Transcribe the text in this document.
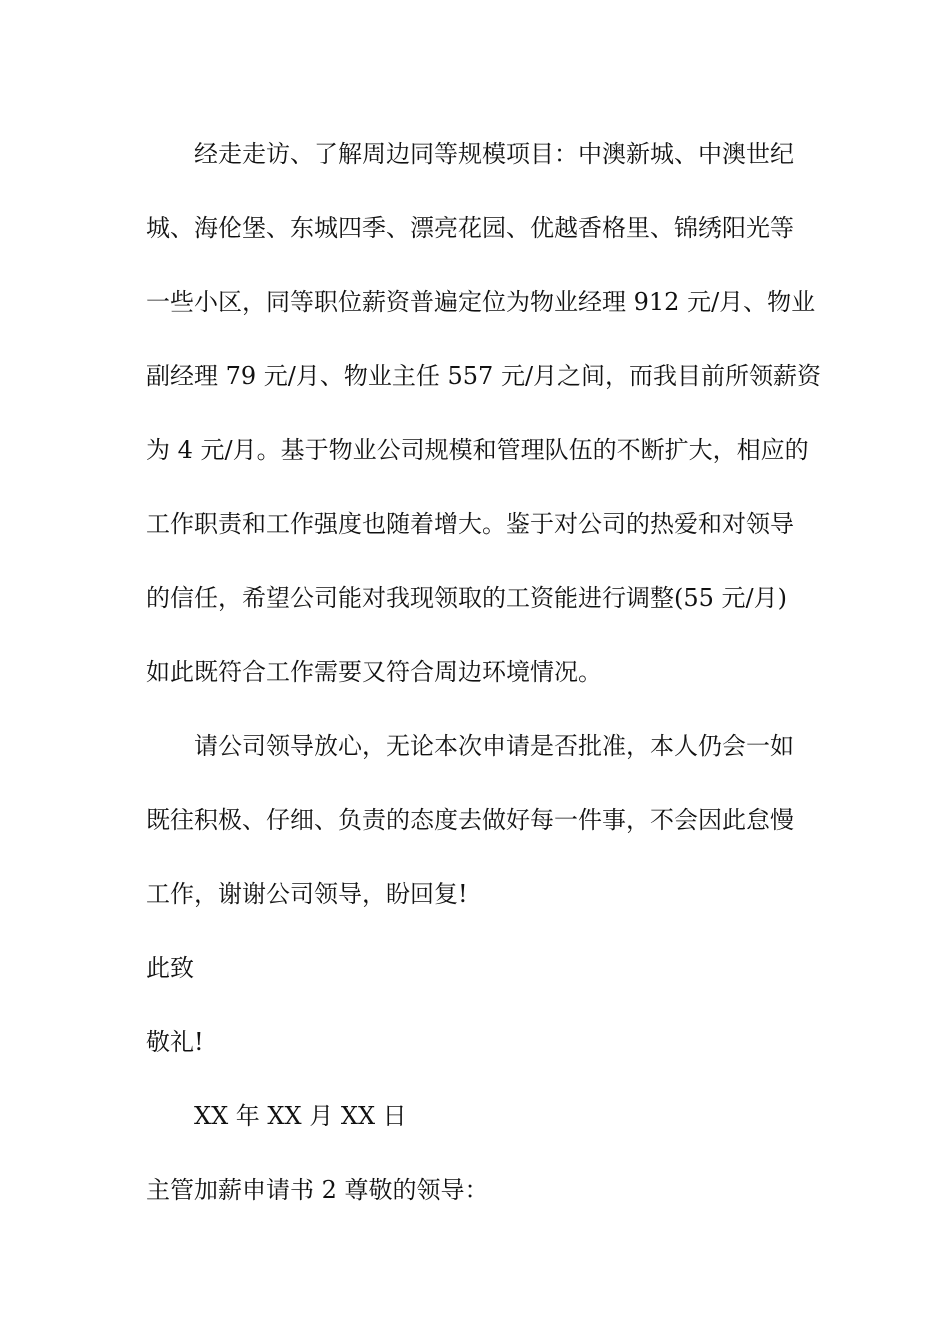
经走走访、了解周边同等规模项目：中澳新城、中澳世纪
城、海伦堡、东城四季、漂亮花园、优越香格里、锦绣阳光等
一些小区，同等职位薪资普遍定位为物业经理 912 元/月、物业
副经理 79 元/月、物业主任 557 元/月之间，而我目前所领薪资
为 4 元/月。基于物业公司规模和管理队伍的不断扩大，相应的
工作职责和工作强度也随着增大。鉴于对公司的热爱和对领导
的信任，希望公司能对我现领取的工资能进行调整(55 元/月)
如此既符合工作需要又符合周边环境情况。
请公司领导放心，无论本次申请是否批准，本人仍会一如
既往积极、仔细、负责的态度去做好每一件事，不会因此怠慢
工作，谢谢公司领导，盼回复!
此致
敬礼!
XX 年 XX 月 XX 日
主管加薪申请书 2 尊敬的领导：
